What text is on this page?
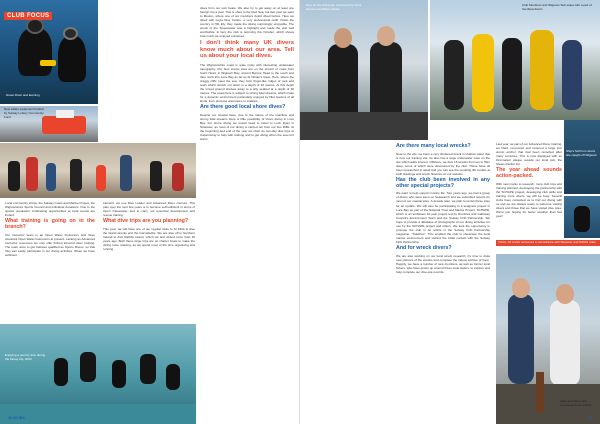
CLUB FOCUS
Green Diver and learning
New safety equipment funded by Solway Lottery Community Fund

Local community shops, the Solway Coast and Marine Project, the Wigtownshire Sports Council and individual donations. Due to the sparse population, fundraising opportunities at local events are limited.

What training is going on in the branch?

Our instructor team is an Open Water Instructors and three Assistant Open Water Instructors at present. Lacking an Advanced Instructor resources we only offer limited inbound diver training. The team aims to get trainees qualified as Sports Divers, so that they can easily participate in our diving activities. When we have sufficient

element, we use Dive Leader and Advanced Diver courses. This plan over the next few years is to become self-sufficient in terms of Open Classwater and to carry out essential development and rescue training.

What dive trips are you planning?

This year, we will have one of our regular visits to St Kilda to dive the island wrecks and the Garvellachs. We are also off to Northern Ireland to dive Rathlin Island, which we last visited more than 10 years ago. Both these large trips are on charter boats to make the diving more relaxing, as we spend most of the time organising and running

Enjoying a pool try dive during the Moray trip, 2023

dives from our own boats. We also try to get away on at least one foreign trip a year. This is often to the Red Sea, but last year we went to Mexico, where one of our members Astrid dived before. Here we dived with Leyla Dive Centre, a very professional outfit. Down the country in Hill, Ely, they made the diving surprisingly enjoyable. The wreck of the Sweetwater was a highlight and made the visit well worthwhile. In fact, the club is returning this October, which shows how much we enjoyed ourselves.

I don't think many UK divers know much about our area. Tell us about your local dives.

The Wigtownshire coast is quite rocky with interesting underwater topography. Our best scenic sites are on the stretch of coast from Cairn Head, in Wigtown Bay, around Burrow Head to the south and then north into Luce Bay as far as St Ninian's Cave. Here, where the craggy cliffs meet the sea, they form finger-like ridges of rock and reefs which stretch out down to a depth of 18 metres. At this depth the mixed ground shelves away to a silty seabed at a depth of 30 metres. The coast here is subject to strong tidal streams, which make for a dynamic environment particularly enjoyed by filter feeders of all kinds, from plumose anemones to scallops.

Are there good local shore dives?

Despite our coastal base, due to the nature of the coastline and strong tidal streams there is little possibility of shore diving in Luce Bay. For shore diving we would need to travel to Loch Ryan in Stranraer, as most of our diving is carried out from our two RIBs. At the beginning and end of the year we often do two-day dive trips to Capernwray to help with training and to get diving when the sea isn't warm.

26 SCUBA
Dive for the club boat, recovered by Chris Harmon and Barry Dowie
Club Members and Wigtown Sub-Aqua with a pair of riverboat divers
Ship's hull from wreck site caught off Wigtown
Visitor. All marks recovered in accordance with Receiver and SWAG rules
Giles and Chris with recovered Hurst anchor
Are there many local wrecks?

Near to the site, we have a very sheltered wreck in shallow water that is now our training site. Its also has a large underwater cave on the site which adds interest. Offshore, we dive 15 wrecks from ten to 50m deep, some of which were discovered by the club. These have all been researched in detail and you can see the resulting 3D models at swift drawings and wreck histories on our website.

Has the club been involved in any other special projects?

We want to help support marine life. Two years ago, we had a group of divers who were keen on Seasearch and we submitted reports for most of our coastal sites. A decade later, we plan to revisit these sites for an update. We will also be participating in a seagrass project in Luce Bay as part of the National Trust and Marine Project. SCHAPE, which is an ambitious 10-year project led by Dumfries and Galloway Council's Environment Team and the Solway Firth Partnership. We hope to provide a database of photographs of our diving activities for use by the SCHAPE project and others. We took the opportunity to promote the club in an article in the Solway Firth Partnership magazine, "Tidelines". This enabled the club to showcase the local marine environment and started the initial contact with the Solway Firth Partnership.

And for wreck divers?

We are also working on our local wreck research; it's time to draw new pictures of the wrecks and complete the videos archive of them. Happily, we have a number of new members, as well as former local fishers, who have grown up around these local waters, to explore and help complete our dive-site records.

Last year, as part of our Advanced Diver training, we lifted, recovered and restored a large iron stomp anchor that had been recorded after many centuries. This is now displayed with an information plaque outside our local pub, the Steam Packet Inn.

The year ahead sounds action-packed.

With new marks to research, more club trips and training planned, developing the partnership with the SCHAPE project, developing club skills and training more divers, we will be busy. Several clubs have contacted us to find out diving with us and we are always ready to welcome visiting divers and those that we have visited dive sites. We're just hoping for better weather than last year!

27
